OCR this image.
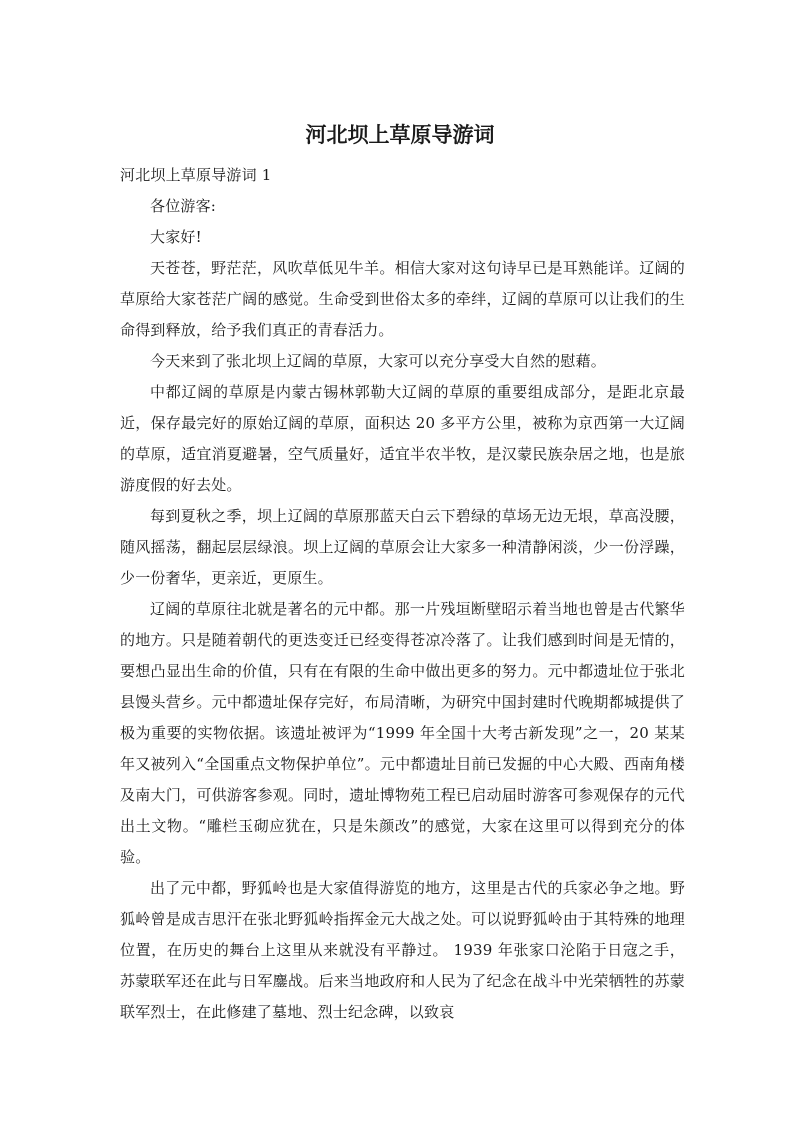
河北坝上草原导游词

河北坝上草原导游词 1

各位游客:

大家好!

天苍苍，野茫茫，风吹草低见牛羊。相信大家对这句诗早已是耳熟能详。辽阔的草原给大家苍茫广阔的感觉。生命受到世俗太多的牵绊，辽阔的草原可以让我们的生命得到释放，给予我们真正的青春活力。

今天来到了张北坝上辽阔的草原，大家可以充分享受大自然的慰藉。

中都辽阔的草原是内蒙古锡林郭勒大辽阔的草原的重要组成部分，是距北京最近，保存最完好的原始辽阔的草原，面积达 20 多平方公里，被称为京西第一大辽阔的草原，适宜消夏避暑，空气质量好，适宜半农半牧，是汉蒙民族杂居之地，也是旅游度假的好去处。

每到夏秋之季，坝上辽阔的草原那蓝天白云下碧绿的草场无边无垠，草高没腰，随风摇荡，翻起层层绿浪。坝上辽阔的草原会让大家多一种清静闲淡，少一份浮躁，少一份奢华，更亲近，更原生。

辽阔的草原往北就是著名的元中都。那一片残垣断壁昭示着当地也曾是古代繁华的地方。只是随着朝代的更迭变迁已经变得苍凉冷落了。让我们感到时间是无情的，要想凸显出生命的价值，只有在有限的生命中做出更多的努力。元中都遗址位于张北县馒头营乡。元中都遗址保存完好，布局清晰，为研究中国封建时代晚期都城提供了极为重要的实物依据。该遗址被评为“1999 年全国十大考古新发现”之一，20 某某年又被列入“全国重点文物保护单位”。元中都遗址目前已发掘的中心大殿、西南角楼及南大门，可供游客参观。同时，遗址博物苑工程已启动届时游客可参观保存的元代出土文物。“雕栏玉砌应犹在，只是朱颜改”的感觉，大家在这里可以得到充分的体验。

出了元中都，野狐岭也是大家值得游览的地方，这里是古代的兵家必争之地。野狐岭曾是成吉思汗在张北野狐岭指挥金元大战之处。可以说野狐岭由于其特殊的地理位置，在历史的舞台上这里从来就没有平静过。 1939 年张家口沦陷于日寇之手，苏蒙联军还在此与日军鏖战。后来当地政府和人民为了纪念在战斗中光荣牺牲的苏蒙联军烈士，在此修建了墓地、烈士纪念碑，以致哀
